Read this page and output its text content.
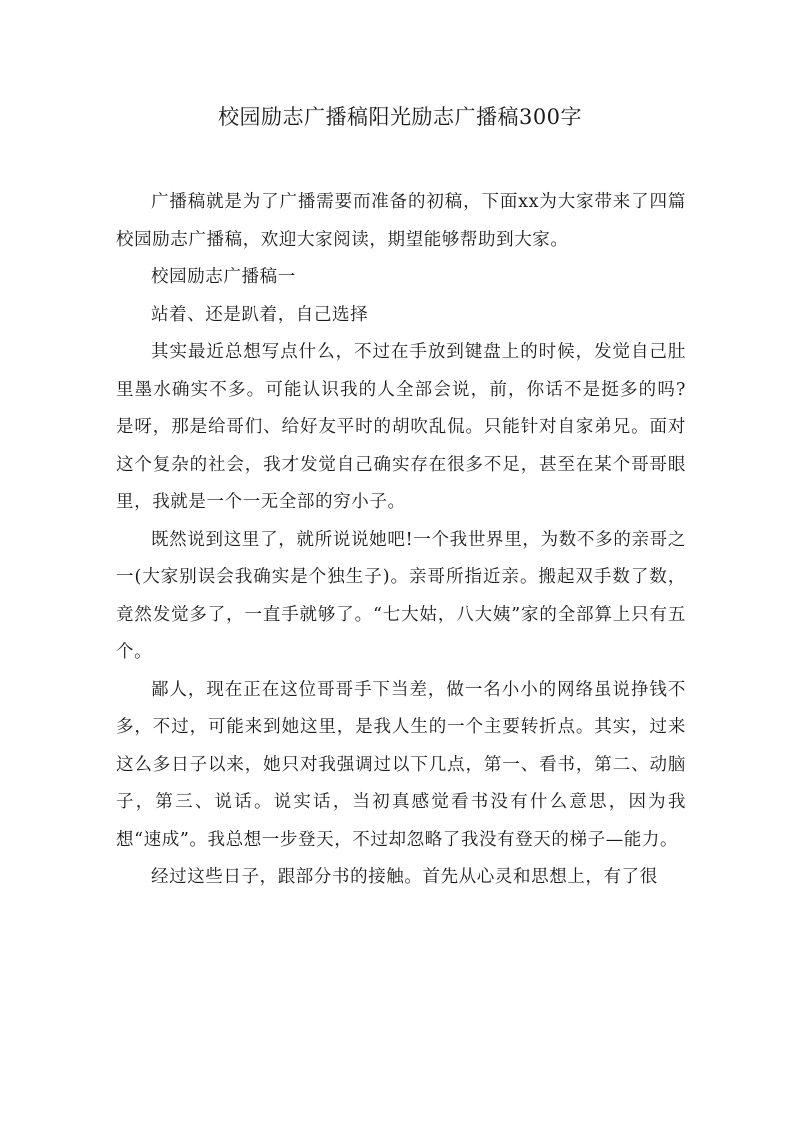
校园励志广播稿阳光励志广播稿300字

广播稿就是为了广播需要而准备的初稿，下面xx为大家带来了四篇校园励志广播稿，欢迎大家阅读，期望能够帮助到大家。

校园励志广播稿一

站着、还是趴着，自己选择

其实最近总想写点什么，不过在手放到键盘上的时候，发觉自己肚里墨水确实不多。可能认识我的人全部会说，前，你话不是挺多的吗?是呀，那是给哥们、给好友平时的胡吹乱侃。只能针对自家弟兄。面对这个复杂的社会，我才发觉自己确实存在很多不足，甚至在某个哥哥眼里，我就是一个一无全部的穷小子。

既然说到这里了，就所说说她吧!一个我世界里，为数不多的亲哥之一(大家别误会我确实是个独生子)。亲哥所指近亲。搬起双手数了数，竟然发觉多了，一直手就够了。“七大姑，八大姨”家的全部算上只有五个。

鄙人，现在正在这位哥哥手下当差，做一名小小的网络虽说挣钱不多，不过，可能来到她这里，是我人生的一个主要转折点。其实，过来这么多日子以来，她只对我强调过以下几点，第一、看书，第二、动脑子，第三、说话。说实话，当初真感觉看书没有什么意思，因为我想“速成”。我总想一步登天，不过却忽略了我没有登天的梯子—能力。

经过这些日子，跟部分书的接触。首先从心灵和思想上，有了很
